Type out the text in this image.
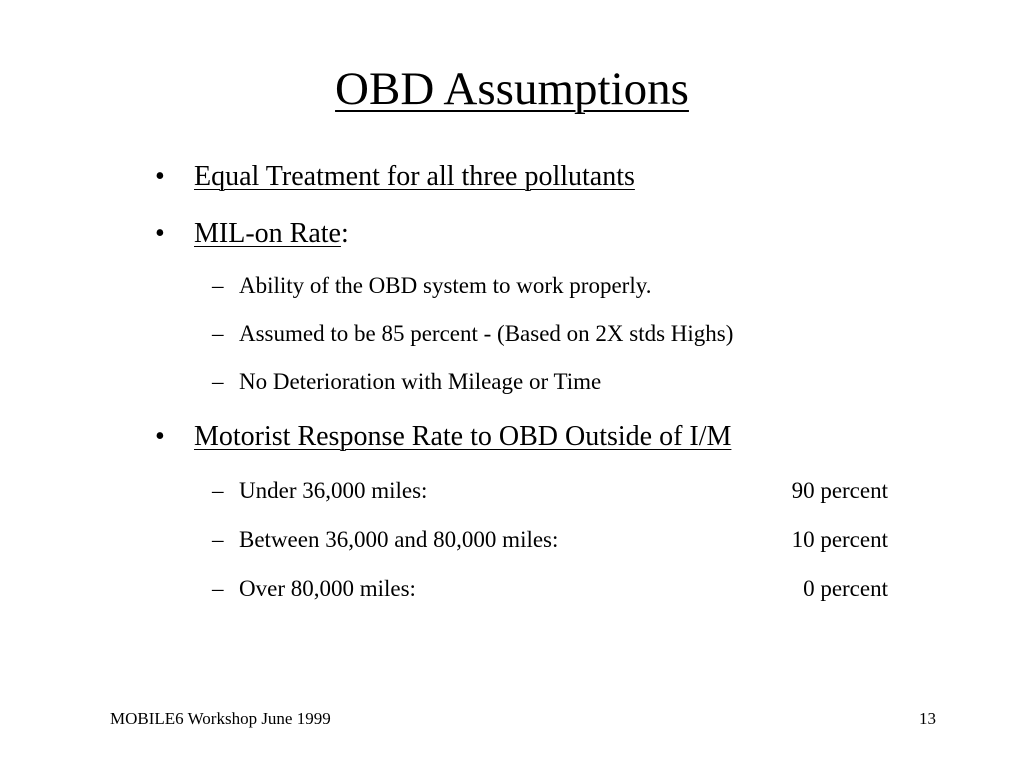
OBD Assumptions
• Equal Treatment for all three pollutants
• MIL-on Rate:
– Ability of the OBD system to work properly.
– Assumed to be 85 percent - (Based on 2X stds Highs)
– No Deterioration with Mileage or Time
• Motorist Response Rate to OBD Outside of I/M
– Under 36,000 miles:	90 percent
– Between 36,000 and 80,000 miles:	10 percent
– Over 80,000 miles:	0 percent
MOBILE6 Workshop June 1999	13
